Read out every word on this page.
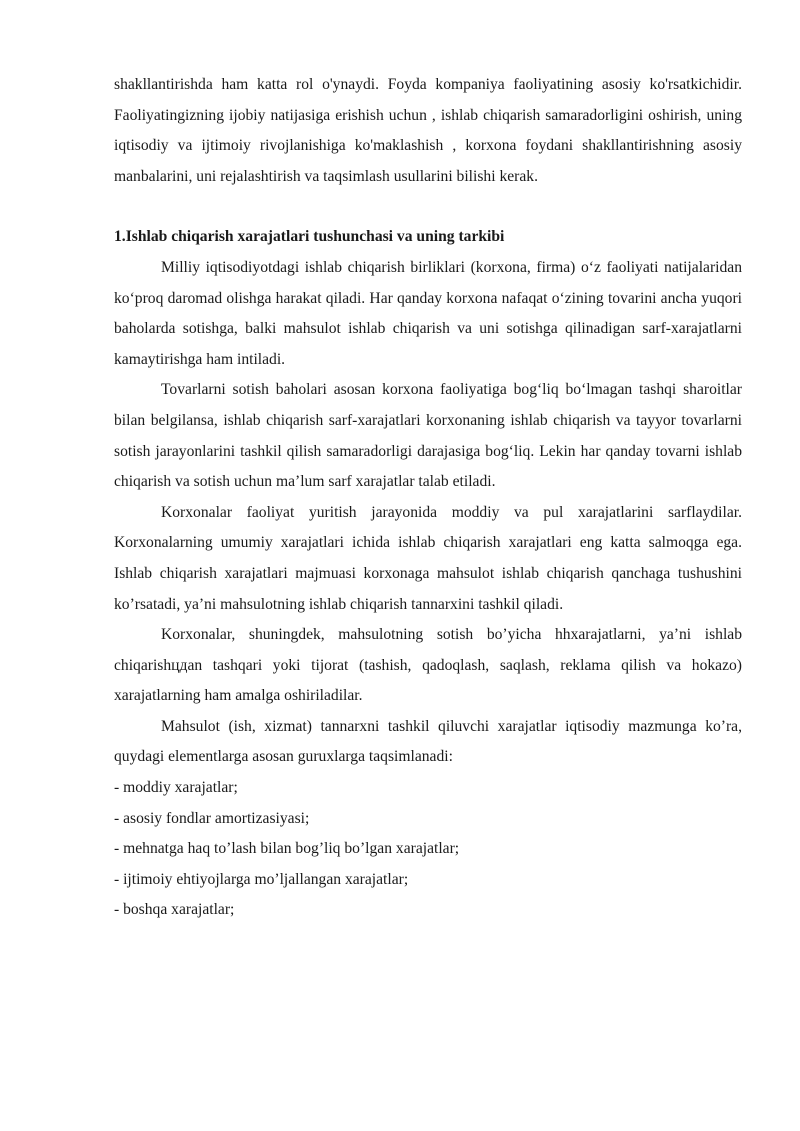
shakllantirishda ham katta rol o'ynaydi. Foyda kompaniya faoliyatining asosiy ko'rsatkichidir. Faoliyatingizning ijobiy natijasiga erishish uchun , ishlab chiqarish samaradorligini oshirish, uning iqtisodiy va ijtimoiy rivojlanishiga ko'maklashish , korxona foydani shakllantirishning asosiy manbalarini, uni rejalashtirish va taqsimlash usullarini bilishi kerak.

1.Ishlab chiqarish xarajatlari tushunchasi va uning tarkibi

Milliy iqtisodiyotdagi ishlab chiqarish birliklari (korxona, firma) o‘z faoliyati natijalaridan ko‘proq daromad olishga harakat qiladi. Har qanday korxona nafaqat o‘zining tovarini ancha yuqori baholarda sotishga, balki mahsulot ishlab chiqarish va uni sotishga qilinadigan sarf-xarajatlarni kamaytirishga ham intiladi.

Tovarlarni sotish baholari asosan korxona faoliyatiga bog‘liq bo‘lmagan tashqi sharoitlar bilan belgilansa, ishlab chiqarish sarf-xarajatlari korxonaning ishlab chiqarish va tayyor tovarlarni sotish jarayonlarini tashkil qilish samaradorligi darajasiga bog‘liq. Lekin har qanday tovarni ishlab chiqarish va sotish uchun ma’lum sarf xarajatlar talab etiladi.

Korxonalar faoliyat yuritish jarayonida moddiy va pul xarajatlarini sarflaydilar. Korxonalarning umumiy xarajatlari ichida ishlab chiqarish xarajatlari eng katta salmoqga ega. Ishlab chiqarish xarajatlari majmuasi korxonaga mahsulot ishlab chiqarish qanchaga tushushini ko’rsatadi, ya’ni mahsulotning ishlab chiqarish tannarxini tashkil qiladi.

Korxonalar, shuningdek, mahsulotning sotish bo’yicha hhxarajatlarni, ya’ni ishlab chiqarishцдan tashqari yoki tijorat (tashish, qadoqlash, saqlash, reklama qilish va hokazo) xarajatlarning ham amalga oshiriladilar.

Mahsulot (ish, xizmat) tannarxni tashkil qiluvchi xarajatlar iqtisodiy mazmunga ko’ra, quydagi elementlarga asosan guruxlarga taqsimlanadi:

- moddiy xarajatlar;
- asosiy fondlar amortizasiyasi;
- mehnatga haq to’lash bilan bog’liq bo’lgan xarajatlar;
- ijtimoiy ehtiyojlarga mo’ljallangan xarajatlar;
- boshqa xarajatlar;
